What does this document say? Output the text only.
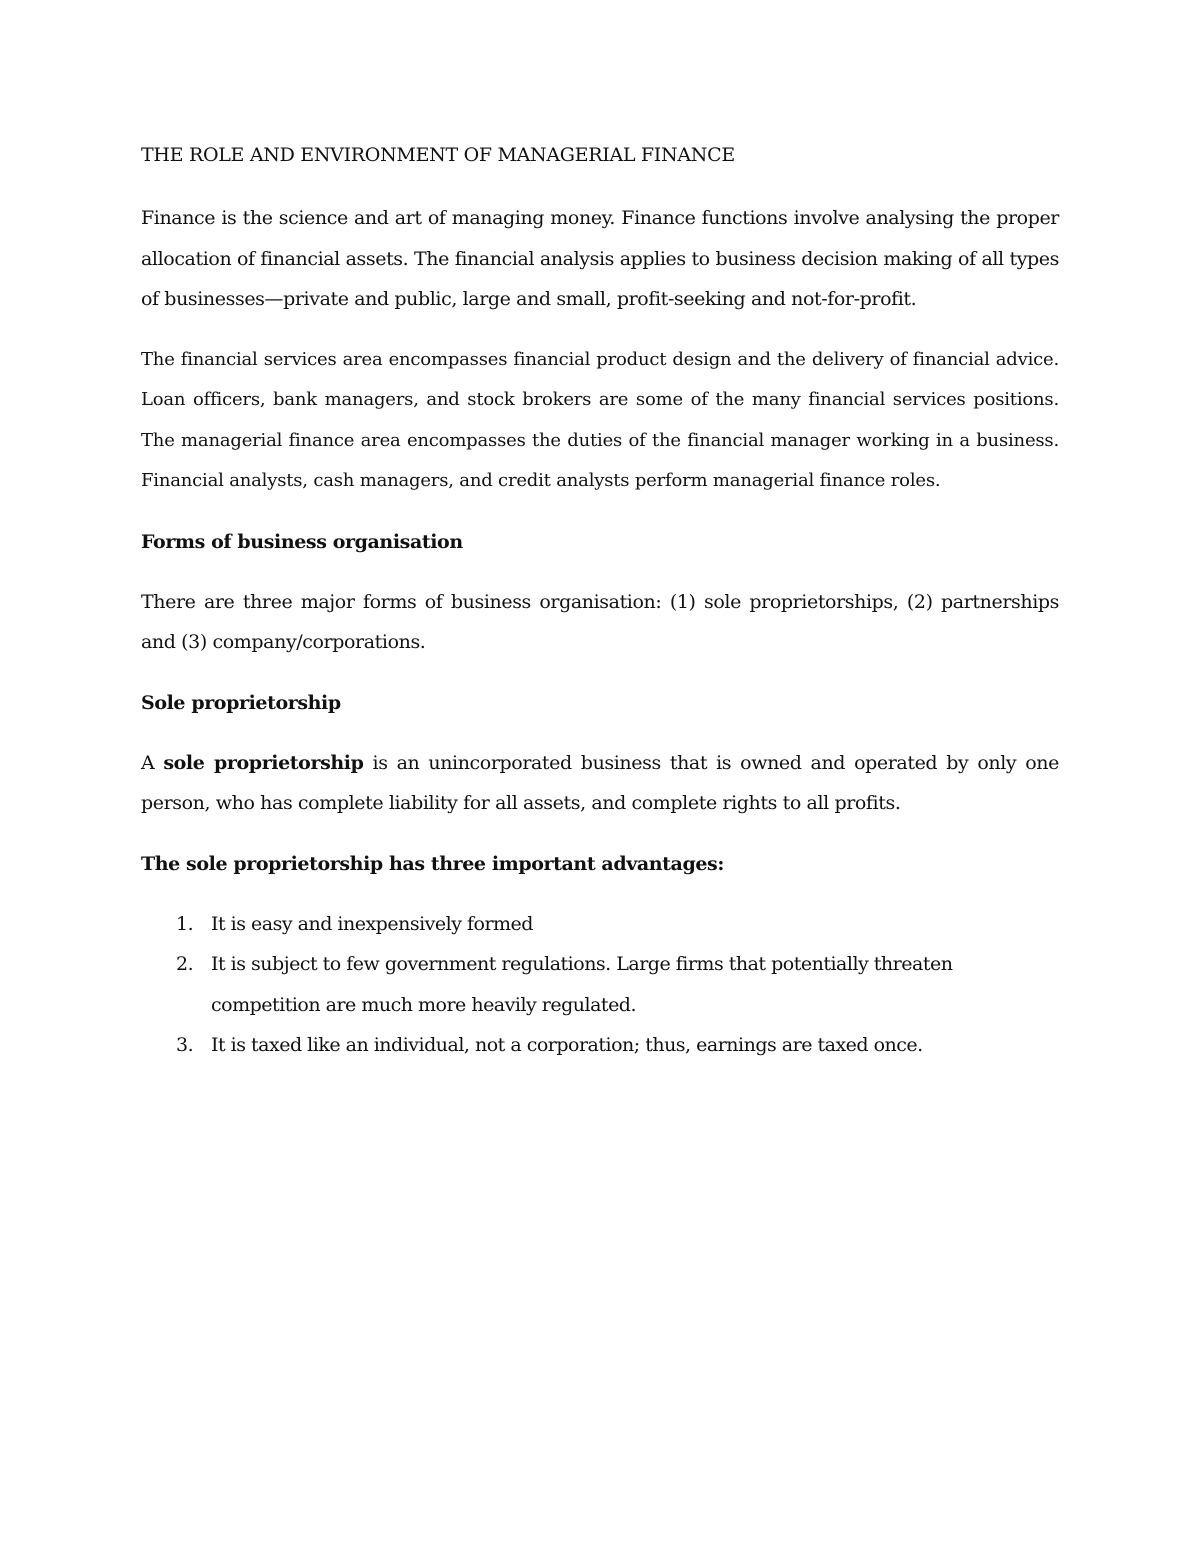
THE ROLE AND ENVIRONMENT OF MANAGERIAL FINANCE

Finance is the science and art of managing money. Finance functions involve analysing the proper allocation of financial assets. The financial analysis applies to business decision making of all types of businesses—private and public, large and small, profit-seeking and not-for-profit.

The financial services area encompasses financial product design and the delivery of financial advice. Loan officers, bank managers, and stock brokers are some of the many financial services positions. The managerial finance area encompasses the duties of the financial manager working in a business. Financial analysts, cash managers, and credit analysts perform managerial finance roles.

Forms of business organisation

There are three major forms of business organisation: (1) sole proprietorships, (2) partnerships and (3) company/corporations.

Sole proprietorship

A sole proprietorship is an unincorporated business that is owned and operated by only one person, who has complete liability for all assets, and complete rights to all profits.

The sole proprietorship has three important advantages:
1. It is easy and inexpensively formed
2. It is subject to few government regulations. Large firms that potentially threaten competition are much more heavily regulated.
3. It is taxed like an individual, not a corporation; thus, earnings are taxed once.
